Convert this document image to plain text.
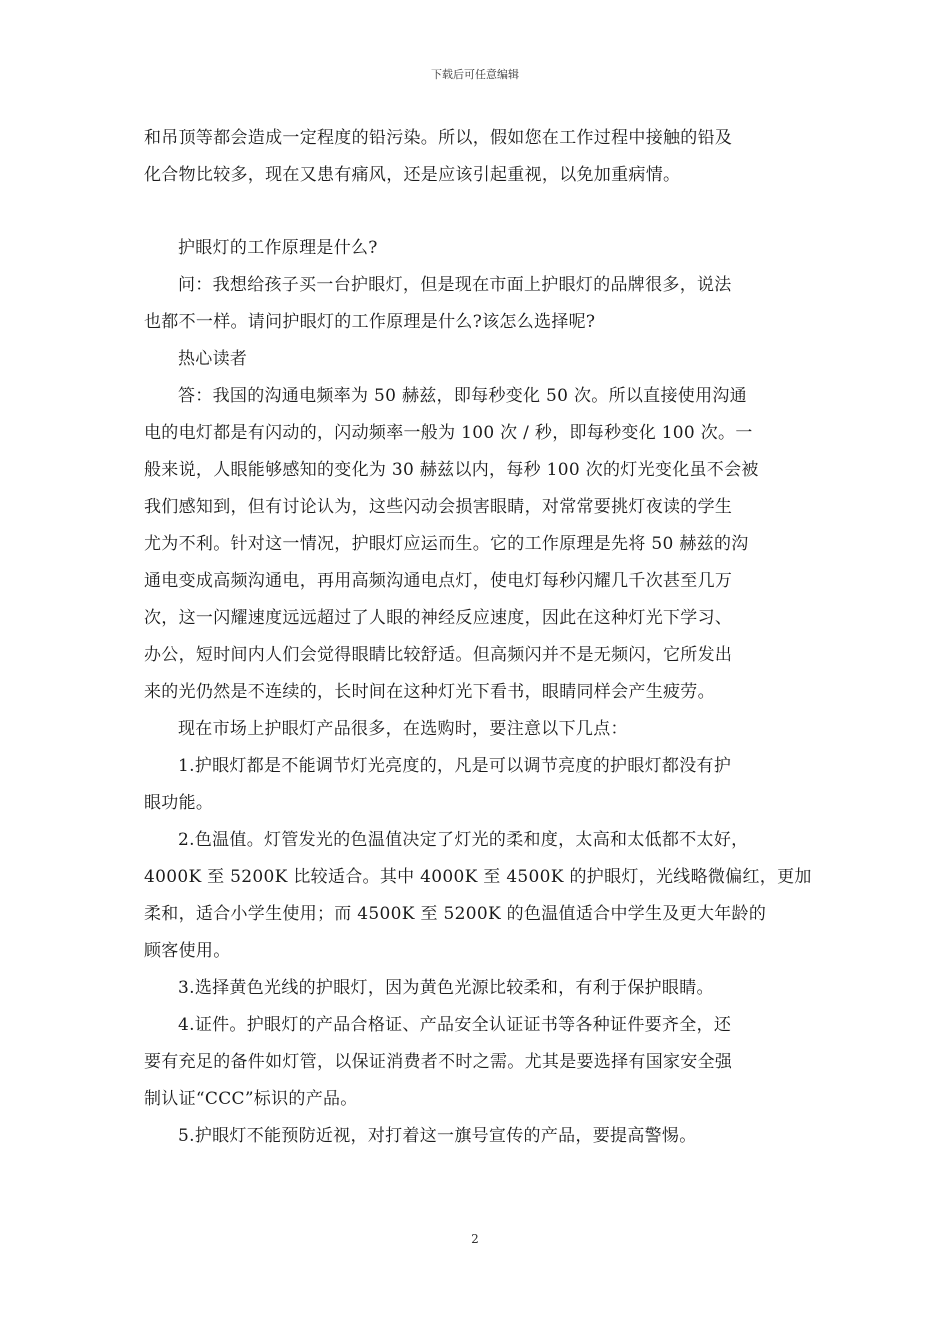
下载后可任意编辑
和吊顶等都会造成一定程度的铅污染。所以，假如您在工作过程中接触的铅及
化合物比较多，现在又患有痛风，还是应该引起重视，以免加重病情。
护眼灯的工作原理是什么?
问：我想给孩子买一台护眼灯，但是现在市面上护眼灯的品牌很多，说法
也都不一样。请问护眼灯的工作原理是什么?该怎么选择呢?
热心读者
答：我国的沟通电频率为 50 赫兹，即每秒变化 50 次。所以直接使用沟通
电的电灯都是有闪动的，闪动频率一般为 100 次 / 秒，即每秒变化 100 次。一
般来说，人眼能够感知的变化为 30 赫兹以内，每秒 100 次的灯光变化虽不会被
我们感知到，但有讨论认为，这些闪动会损害眼睛，对常常要挑灯夜读的学生
尤为不利。针对这一情况，护眼灯应运而生。它的工作原理是先将 50 赫兹的沟
通电变成高频沟通电，再用高频沟通电点灯，使电灯每秒闪耀几千次甚至几万
次，这一闪耀速度远远超过了人眼的神经反应速度，因此在这种灯光下学习、
办公，短时间内人们会觉得眼睛比较舒适。但高频闪并不是无频闪，它所发出
来的光仍然是不连续的，长时间在这种灯光下看书，眼睛同样会产生疲劳。
现在市场上护眼灯产品很多，在选购时，要注意以下几点：
1.护眼灯都是不能调节灯光亮度的，凡是可以调节亮度的护眼灯都没有护
眼功能。
2.色温值。灯管发光的色温值决定了灯光的柔和度，太高和太低都不太好，
4000K 至 5200K 比较适合。其中 4000K 至 4500K 的护眼灯，光线略微偏红，更加
柔和，适合小学生使用；而 4500K 至 5200K 的色温值适合中学生及更大年龄的
顾客使用。
3.选择黄色光线的护眼灯，因为黄色光源比较柔和，有利于保护眼睛。
4.证件。护眼灯的产品合格证、产品安全认证证书等各种证件要齐全，还
要有充足的备件如灯管，以保证消费者不时之需。尤其是要选择有国家安全强
制认证“CCC”标识的产品。
5.护眼灯不能预防近视，对打着这一旗号宣传的产品，要提高警惕。
2
